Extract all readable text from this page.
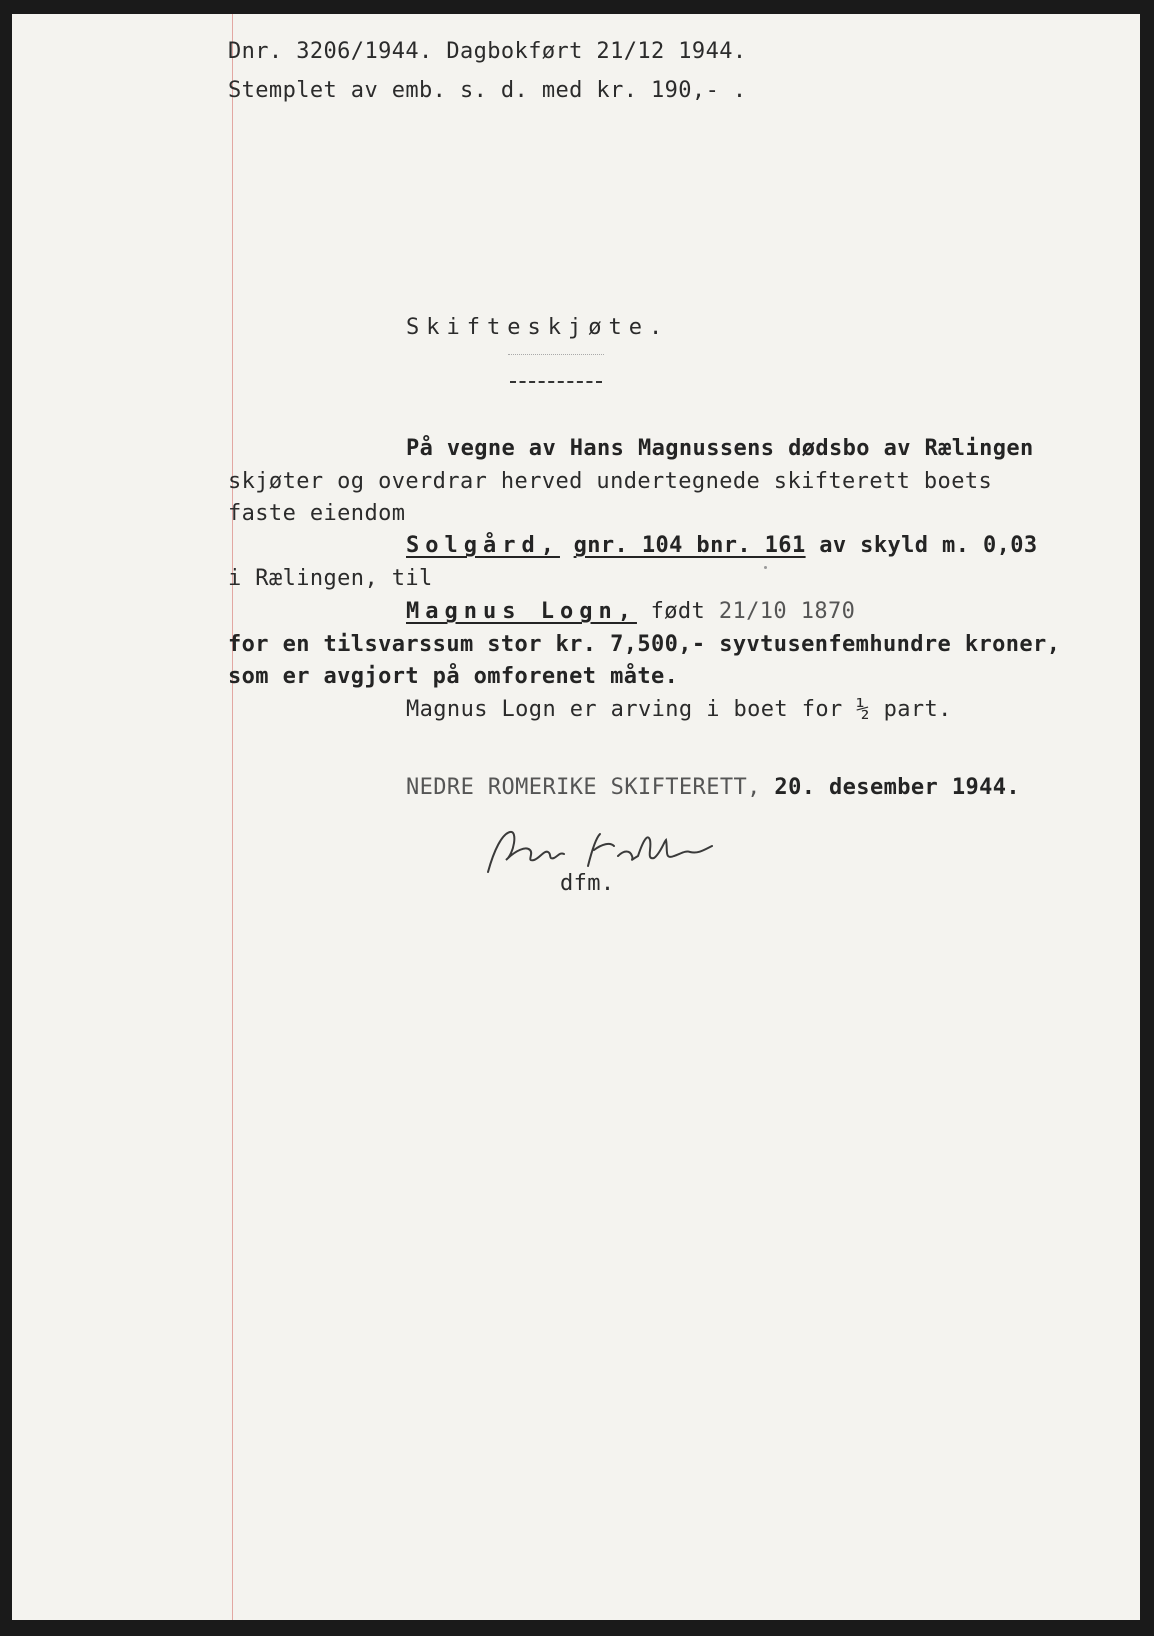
Dnr. 3206/1944. Dagbokført 21/12 1944.
Stemplet av emb. s. d. med kr. 190,- .
Skifteskjøte.
På vegne av Hans Magnussens dødsbo av Rælingen
skjøter og overdrar herved undertegnede skifterett boets
faste eiendom
Solgård, gnr. 104 bnr. 161 av skyld m. 0,03
i Rælingen, til
Magnus Logn, født 21/10 1870
for en tilsvarssum stor kr. 7,500,- syvtusenfemhundre kroner,
som er avgjort på omforenet måte.
Magnus Logn er arving i boet for ½ part.
NEDRE ROMERIKE SKIFTERETT, 20. desember 1944.
dfm.
